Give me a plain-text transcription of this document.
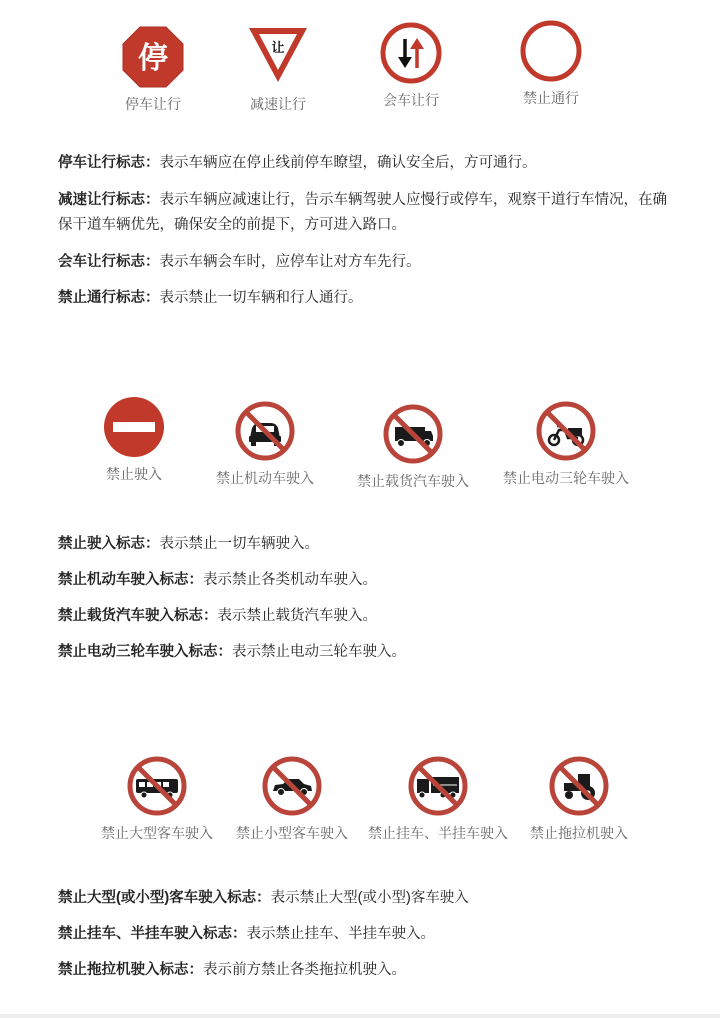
停
停车让行
让
减速让行	会车让行	禁止通行
停车让行标志：表示车辆应在停止线前停车瞭望，确认安全后，方可通行。
减速让行标志：表示车辆应减速让行，告示车辆驾驶人应慢行或停车，观察干道行车情况，在确保干道车辆优先，确保安全的前提下，方可进入路口。
会车让行标志：表示车辆会车时，应停车让对方车先行。
禁止通行标志：表示禁止一切车辆和行人通行。
禁止驶入	禁止机动车驶入	禁止载货汽车驶入	禁止电动三轮车驶入
禁止驶入标志：表示禁止一切车辆驶入。
禁止机动车驶入标志：表示禁止各类机动车驶入。
禁止载货汽车驶入标志：表示禁止载货汽车驶入。
禁止电动三轮车驶入标志：表示禁止电动三轮车驶入。
禁止大型客车驶入	禁止小型客车驶入	禁止挂车、半挂车驶入	禁止拖拉机驶入
禁止大型(或小型)客车驶入标志：表示禁止大型(或小型)客车驶入
禁止挂车、半挂车驶入标志：表示禁止挂车、半挂车驶入。
禁止拖拉机驶入标志：表示前方禁止各类拖拉机驶入。
